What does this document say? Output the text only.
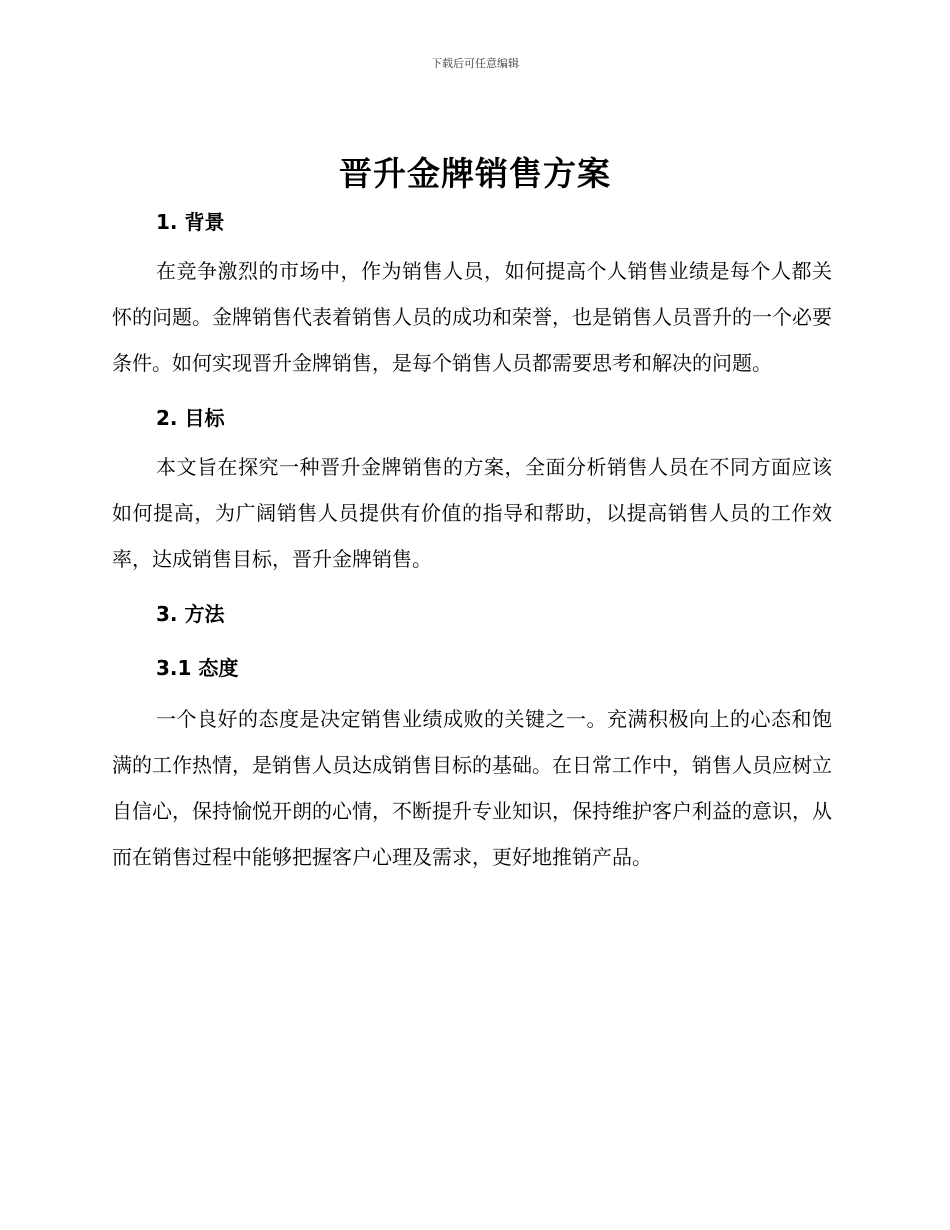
下载后可任意编辑
晋升金牌销售方案

1. 背景

在竞争激烈的市场中，作为销售人员，如何提高个人销售业绩是每个人都关怀的问题。金牌销售代表着销售人员的成功和荣誉，也是销售人员晋升的一个必要条件。如何实现晋升金牌销售，是每个销售人员都需要思考和解决的问题。

2. 目标

本文旨在探究一种晋升金牌销售的方案，全面分析销售人员在不同方面应该如何提高，为广阔销售人员提供有价值的指导和帮助，以提高销售人员的工作效率，达成销售目标，晋升金牌销售。

3. 方法

3.1 态度

一个良好的态度是决定销售业绩成败的关键之一。充满积极向上的心态和饱满的工作热情，是销售人员达成销售目标的基础。在日常工作中，销售人员应树立自信心，保持愉悦开朗的心情，不断提升专业知识，保持维护客户利益的意识，从而在销售过程中能够把握客户心理及需求，更好地推销产品。
